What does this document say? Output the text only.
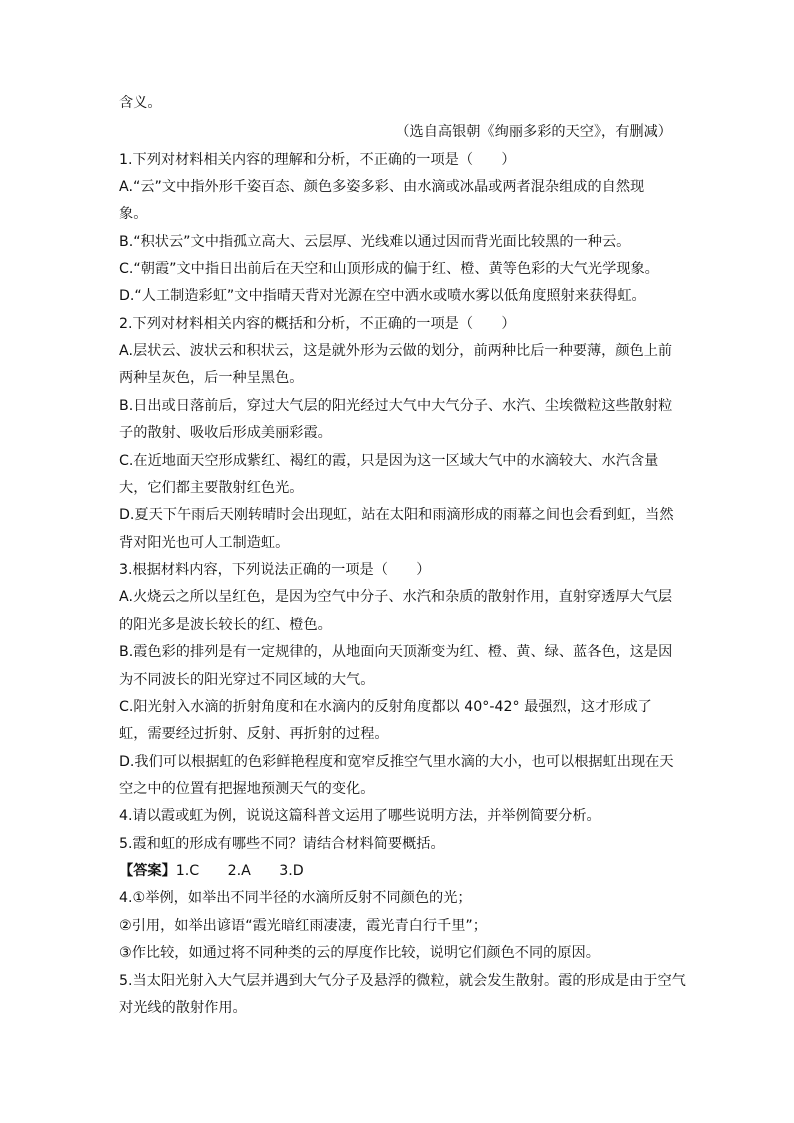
含义。
（选自高银朝《绚丽多彩的天空》，有删减）
1.下列对材料相关内容的理解和分析，不正确的一项是（　　）
A.“云”文中指外形千姿百态、颜色多姿多彩、由水滴或冰晶或两者混杂组成的自然现
象。
B.“积状云”文中指孤立高大、云层厚、光线难以通过因而背光面比较黑的一种云。
C.“朝霞”文中指日出前后在天空和山顶形成的偏于红、橙、黄等色彩的大气光学现象。
D.“人工制造彩虹”文中指晴天背对光源在空中洒水或喷水雾以低角度照射来获得虹。
2.下列对材料相关内容的概括和分析，不正确的一项是（　　）
A.层状云、波状云和积状云，这是就外形为云做的划分，前两种比后一种要薄，颜色上前
两种呈灰色，后一种呈黑色。
B.日出或日落前后，穿过大气层的阳光经过大气中大气分子、水汽、尘埃微粒这些散射粒
子的散射、吸收后形成美丽彩霞。
C.在近地面天空形成紫红、褐红的霞，只是因为这一区域大气中的水滴较大、水汽含量
大，它们都主要散射红色光。
D.夏天下午雨后天刚转晴时会出现虹，站在太阳和雨滴形成的雨幕之间也会看到虹，当然
背对阳光也可人工制造虹。
3.根据材料内容，下列说法正确的一项是（　　）
A.火烧云之所以呈红色，是因为空气中分子、水汽和杂质的散射作用，直射穿透厚大气层
的阳光多是波长较长的红、橙色。
B.霞色彩的排列是有一定规律的，从地面向天顶渐变为红、橙、黄、绿、蓝各色，这是因
为不同波长的阳光穿过不同区域的大气。
C.阳光射入水滴的折射角度和在水滴内的反射角度都以 40°-42° 最强烈，这才形成了
虹，需要经过折射、反射、再折射的过程。
D.我们可以根据虹的色彩鲜艳程度和宽窄反推空气里水滴的大小，也可以根据虹出现在天
空之中的位置有把握地预测天气的变化。
4.请以霞或虹为例，说说这篇科普文运用了哪些说明方法，并举例简要分析。
5.霞和虹的形成有哪些不同？请结合材料简要概括。
【答案】1.C　　2.A　　3.D
4.①举例，如举出不同半径的水滴所反射不同颜色的光；
②引用，如举出谚语“霞光暗红雨凄凄，霞光青白行千里”；
③作比较，如通过将不同种类的云的厚度作比较，说明它们颜色不同的原因。
5.当太阳光射入大气层并遇到大气分子及悬浮的微粒，就会发生散射。霞的形成是由于空气
对光线的散射作用。
